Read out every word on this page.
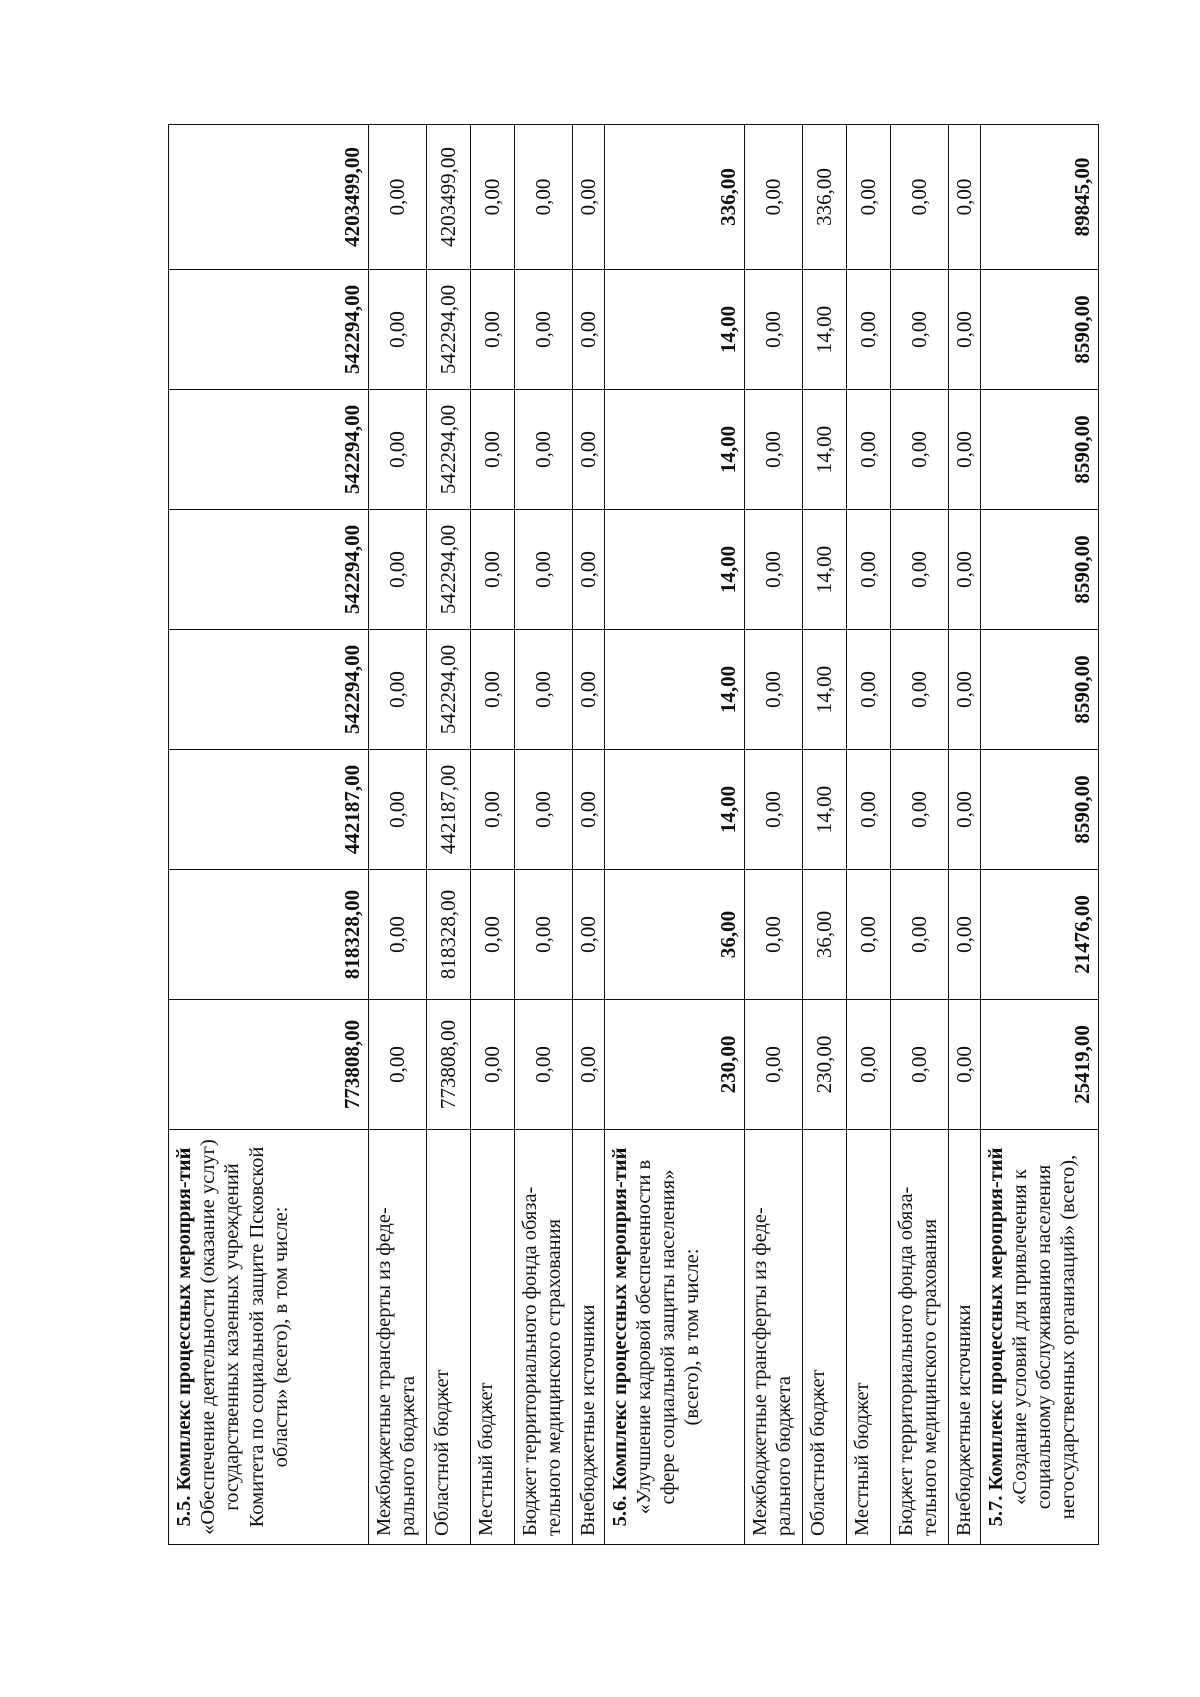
5.5. Комплекс процессных мероприя-тий «Обеспечение деятельности (оказание услуг) государственных казенных учреждений Комитета по социальной защите Псковской области» (всего), в том числе:	773808,00	818328,00	442187,00	542294,00	542294,00	542294,00	542294,00	4203499,00
Межбюджетные трансферты из феде-рального бюджета	0,00	0,00	0,00	0,00	0,00	0,00	0,00	0,00
Областной бюджет	773808,00	818328,00	442187,00	542294,00	542294,00	542294,00	542294,00	4203499,00
Местный бюджет	0,00	0,00	0,00	0,00	0,00	0,00	0,00	0,00
Бюджет территориального фонда обяза-тельного медицинского страхования	0,00	0,00	0,00	0,00	0,00	0,00	0,00	0,00
Внебюджетные источники	0,00	0,00	0,00	0,00	0,00	0,00	0,00	0,00

5.6. Комплекс процессных мероприя-тий «Улучшение кадровой обеспеченности в сфере социальной защиты населения» (всего), в том числе:	230,00	36,00	14,00	14,00	14,00	14,00	14,00	336,00
Межбюджетные трансферты из феде-рального бюджета	0,00	0,00	0,00	0,00	0,00	0,00	0,00	0,00
Областной бюджет	230,00	36,00	14,00	14,00	14,00	14,00	14,00	336,00
Местный бюджет	0,00	0,00	0,00	0,00	0,00	0,00	0,00	0,00
Бюджет территориального фонда обяза-тельного медицинского страхования	0,00	0,00	0,00	0,00	0,00	0,00	0,00	0,00
Внебюджетные источники	0,00	0,00	0,00	0,00	0,00	0,00	0,00	0,00

5.7. Комплекс процессных мероприя-тий «Создание условий для привлечения к социальному обслуживанию населения негосударственных организаций» (всего),	25419,00	21476,00	8590,00	8590,00	8590,00	8590,00	8590,00	89845,00
